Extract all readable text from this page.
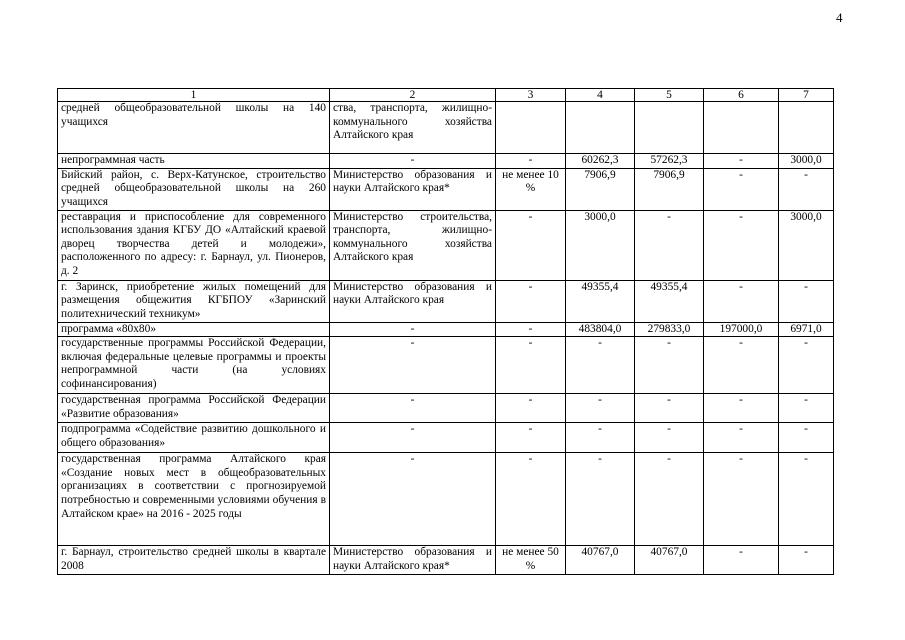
4
1	2	3	4	5	6	7
средней общеобразовательной школы на 140 учащихся	ства, транспорта, жилищно-коммунального хозяйства Алтайского края					
непрограммная часть	-	-	60262,3	57262,3	-	3000,0
Бийский район, с. Верх-Катунское, строительство средней общеобразовательной школы на 260 учащихся	Министерство образования и науки Алтайского края*	не менее 10 %	7906,9	7906,9	-	-
реставрация и приспособление для современного использования здания КГБУ ДО «Алтайский краевой дворец творчества детей и молодежи», расположенного по адресу: г. Барнаул, ул. Пионеров, д. 2	Министерство строительства, транспорта, жилищно-коммунального хозяйства Алтайского края	-	3000,0	-	-	3000,0
г. Заринск, приобретение жилых помещений для размещения общежития КГБПОУ «Заринский политехнический техникум»	Министерство образования и науки Алтайского края	-	49355,4	49355,4	-	-
программа «80х80»	-	-	483804,0	279833,0	197000,0	6971,0
государственные программы Российской Федерации, включая федеральные целевые программы и проекты непрограммной части (на условиях софинансирования)	-	-	-	-	-	-
государственная программа Российской Федерации «Развитие образования»	-	-	-	-	-	-
подпрограмма «Содействие развитию дошкольного и общего образования»	-	-	-	-	-	-
государственная программа Алтайского края «Создание новых мест в общеобразовательных организациях в соответствии с прогнозируемой потребностью и современными условиями обучения в Алтайском крае» на 2016 - 2025 годы	-	-	-	-	-	-
г. Барнаул, строительство средней школы в квартале 2008	Министерство образования и науки Алтайского края*	не менее 50 %	40767,0	40767,0	-	-
